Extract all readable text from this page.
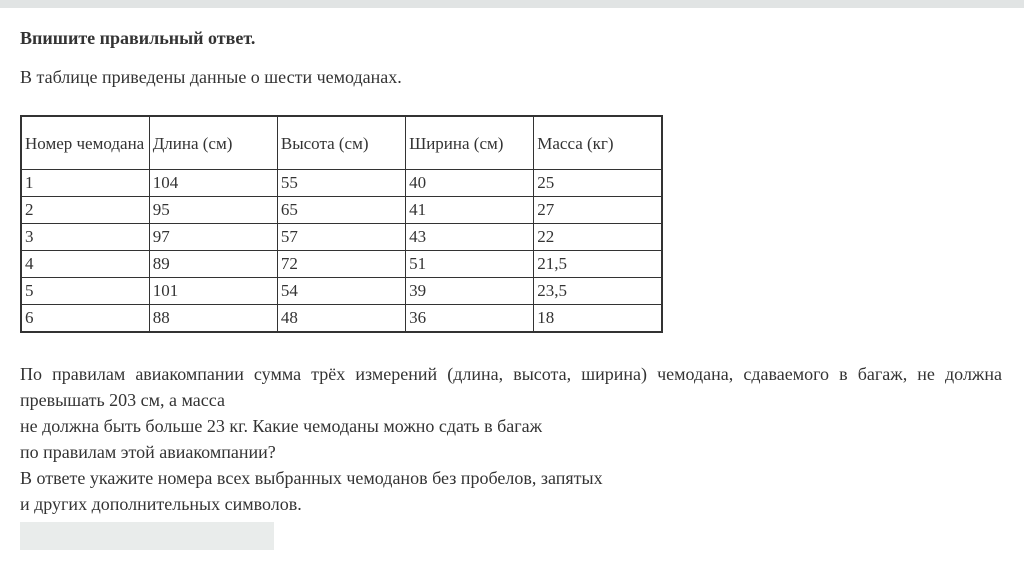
Впишите правильный ответ.
В таблице приведены данные о шести чемоданах.
Номер чемодана	Длина (см)	Высота (см)	Ширина (см)	Масса (кг)
1	104	55	40	25
2	95	65	41	27
3	97	57	43	22
4	89	72	51	21,5
5	101	54	39	23,5
6	88	48	36	18
По правилам авиакомпании сумма трёх измерений (длина, высота, ширина) чемодана, сдаваемого в багаж, не должна
превышать 203 см, а масса
не должна быть больше 23 кг. Какие чемоданы можно сдать в багаж
по правилам этой авиакомпании?
В ответе укажите номера всех выбранных чемоданов без пробелов, запятых
и других дополнительных символов.
